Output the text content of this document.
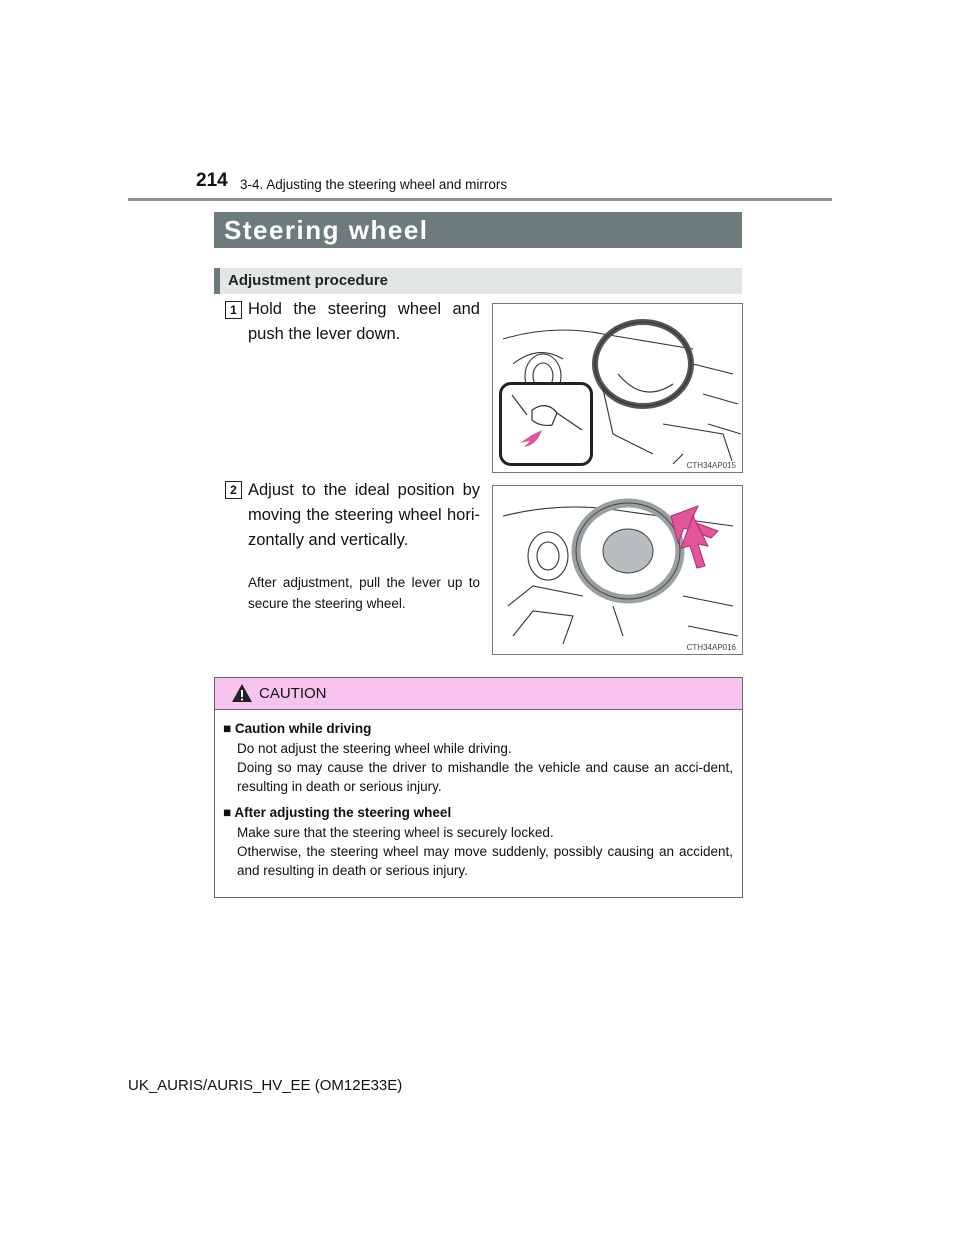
214 3-4. Adjusting the steering wheel and mirrors
Steering wheel
Adjustment procedure
1 Hold the steering wheel and push the lever down.
CTH34AP015
2 Adjust to the ideal position by moving the steering wheel hori-zontally and vertically.
After adjustment, pull the lever up to secure the steering wheel.
CTH34AP016
CAUTION
■ Caution while driving
Do not adjust the steering wheel while driving.
Doing so may cause the driver to mishandle the vehicle and cause an acci-dent, resulting in death or serious injury.
■ After adjusting the steering wheel
Make sure that the steering wheel is securely locked.
Otherwise, the steering wheel may move suddenly, possibly causing an accident, and resulting in death or serious injury.
UK_AURIS/AURIS_HV_EE (OM12E33E)
